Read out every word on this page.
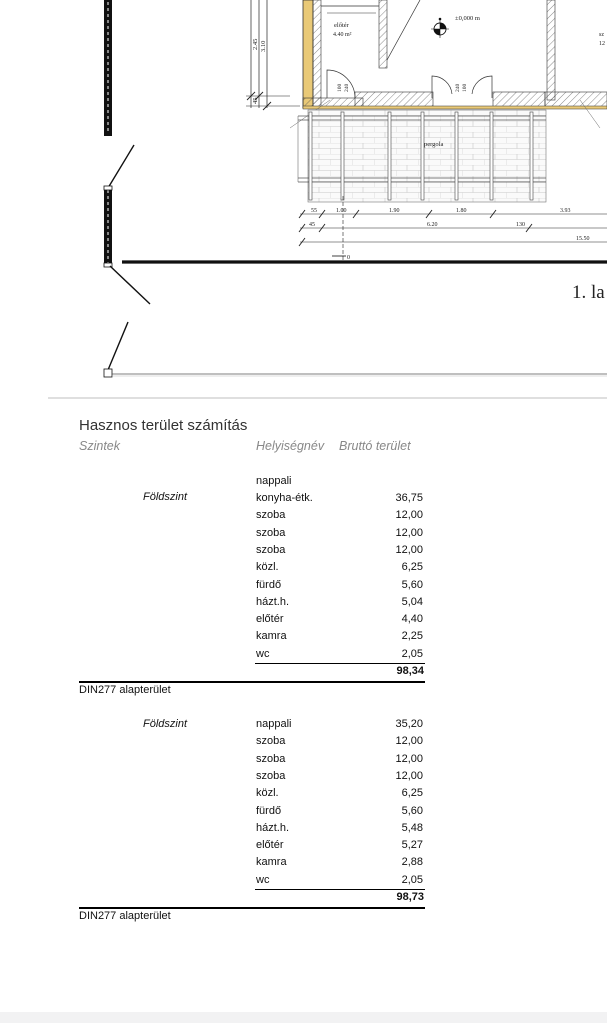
2.45 3.10
45
100 240	240 100
előtér
4.40 m²
±0,000 m
sz
12
pergola
55	1.00	1.90	1.80	3.93
45	6.20	130
15.50
0
1. la
Hasznos terület számítás
Szintek	Helyiségnév Bruttó terület
nappali
Földszint	konyha-étk.	36,75
szoba	12,00
szoba	12,00
szoba	12,00
közl.	6,25
fürdő	5,60
házt.h.	5,04
előtér	4,40
kamra	2,25
wc	2,05
98,34
DIN277 alapterület
Földszint	nappali	35,20
szoba	12,00
szoba	12,00
szoba	12,00
közl.	6,25
fürdő	5,60
házt.h.	5,48
előtér	5,27
kamra	2,88
wc	2,05
98,73
DIN277 alapterület
